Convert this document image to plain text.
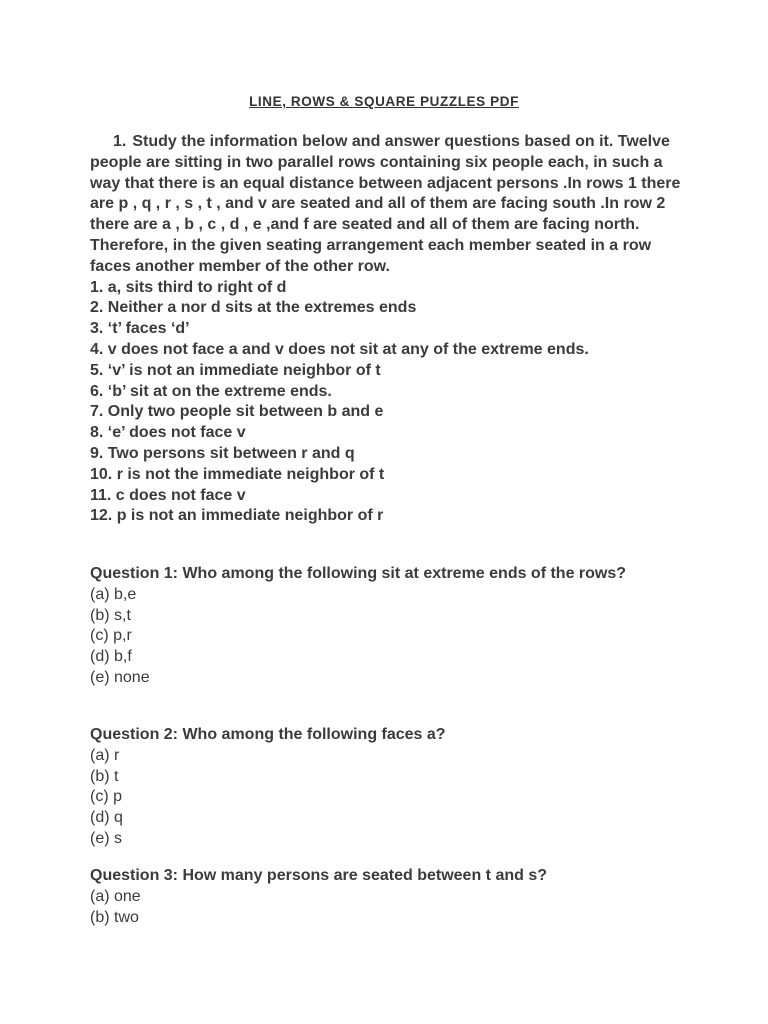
LINE, ROWS & SQUARE PUZZLES PDF

1. Study the information below and answer questions based on it. Twelve people are sitting in two parallel rows containing six people each, in such a way that there is an equal distance between adjacent persons .In rows 1 there are p , q , r , s , t , and v are seated and all of them are facing south .In row 2 there are a , b , c , d , e ,and f are seated and all of them are facing north. Therefore, in the given seating arrangement each member seated in a row faces another member of the other row.

1. a, sits third to right of d
2. Neither a nor d sits at the extremes ends
3. ‘t’ faces ‘d’
4. v does not face a and v does not sit at any of the extreme ends.
5. ‘v’ is not an immediate neighbor of t
6. ‘b’ sit at on the extreme ends.
7. Only two people sit between b and e
8. ‘e’ does not face v
9. Two persons sit between r and q
10. r is not the immediate neighbor of t
11. c does not face v
12. p is not an immediate neighbor of r
Question 1: Who among the following sit at extreme ends of the rows?
(a) b,e
(b) s,t
(c) p,r
(d) b,f
(e) none
Question 2: Who among the following faces a?
(a) r
(b) t
(c) p
(d) q
(e) s
Question 3: How many persons are seated between t and s?
(a) one
(b) two
